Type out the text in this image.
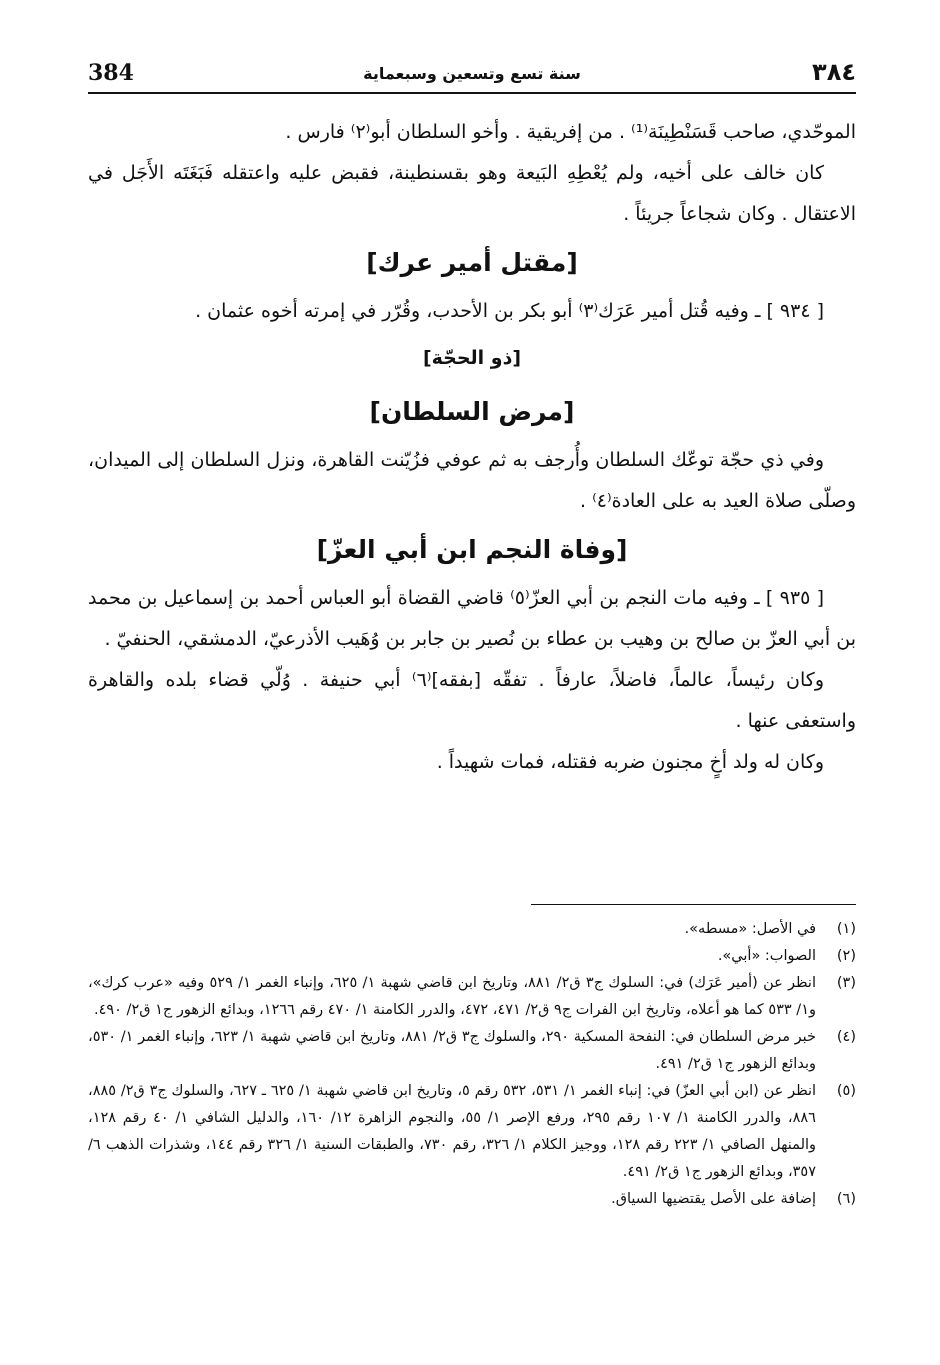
384	سنة تسع وتسعين وسبعماية	٣٨٤

الموحّدي، صاحب قَسَنْطِينَة⁽¹⁾ . من إفريقية . وأخو السلطان أبو⁽٢⁾ فارس .

كان خالف على أخيه، ولم يُعْطِهِ البَيعة وهو بقسنطينة، فقبض عليه واعتقله فَبَغَتَه الأَجَل في الاعتقال . وكان شجاعاً جريئاً .

[مقتل أمير عرك]

[ ٩٣٤ ] ـ وفيه قُتل أمير عَرَك⁽٣⁾ أبو بكر بن الأحدب، وقُرّر في إمرته أخوه عثمان .

[ذو الحجّة]
[مرض السلطان]

وفي ذي حجّة توعّك السلطان وأُرجف به ثم عوفي فزُيّنت القاهرة، ونزل السلطان إلى الميدان، وصلّى صلاة العيد به على العادة⁽٤⁾ .

[وفاة النجم ابن أبي العزّ]

[ ٩٣٥ ] ـ وفيه مات النجم بن أبي العزّ⁽٥⁾ قاضي القضاة أبو العباس أحمد بن إسماعيل بن محمد بن أبي العزّ بن صالح بن وهيب بن عطاء بن نُصير بن جابر بن وُهَيب الأذرعيّ، الدمشقي، الحنفيّ .

وكان رئيساً، عالماً، فاضلاً، عارفاً . تفقّه [بفقه]⁽٦⁾ أبي حنيفة . وُلّي قضاء بلده والقاهرة واستعفى عنها .

وكان له ولد أخٍ مجنون ضربه فقتله، فمات شهيداً .

(١)
في الأصل: «مسطه».
(٢)
الصواب: «أبي».
(٣)
انظر عن (أمير عَرَك) في: السلوك ج٣ ق٢/ ٨٨١، وتاريخ ابن قاضي شهبة ١/ ٦٢٥، وإنباء الغمر ١/ ٥٢٩ وفيه «عرب كرك»، و١/ ٥٣٣ كما هو أعلاه، وتاريخ ابن الفرات ج٩ ق٢/ ٤٧١، ٤٧٢، والدرر الكامنة ١/ ٤٧٠ رقم ١٢٦٦، وبدائع الزهور ج١ ق٢/ ٤٩٠.
(٤)
خبر مرض السلطان في: النفحة المسكية ٢٩٠، والسلوك ج٣ ق٢/ ٨٨١، وتاريخ ابن قاضي شهبة ١/ ٦٢٣، وإنباء الغمر ١/ ٥٣٠، وبدائع الزهور ج١ ق٢/ ٤٩١.
(٥)
انظر عن (ابن أبي العزّ) في: إنباء الغمر ١/ ٥٣١، ٥٣٢ رقم ٥، وتاريخ ابن قاضي شهبة ١/ ٦٢٥ ـ ٦٢٧، والسلوك ج٣ ق٢/ ٨٨٥، ٨٨٦، والدرر الكامنة ١/ ١٠٧ رقم ٢٩٥، ورفع الإصر ١/ ٥٥، والنجوم الزاهرة ١٢/ ١٦٠، والدليل الشافي ١/ ٤٠ رقم ١٢٨، والمنهل الصافي ١/ ٢٢٣ رقم ١٢٨، ووجيز الكلام ١/ ٣٢٦، رقم ٧٣٠، والطبقات السنية ١/ ٣٢٦ رقم ١٤٤، وشذرات الذهب ٦/ ٣٥٧، وبدائع الزهور ج١ ق٢/ ٤٩١.
(٦)
إضافة على الأصل يقتضيها السياق.
